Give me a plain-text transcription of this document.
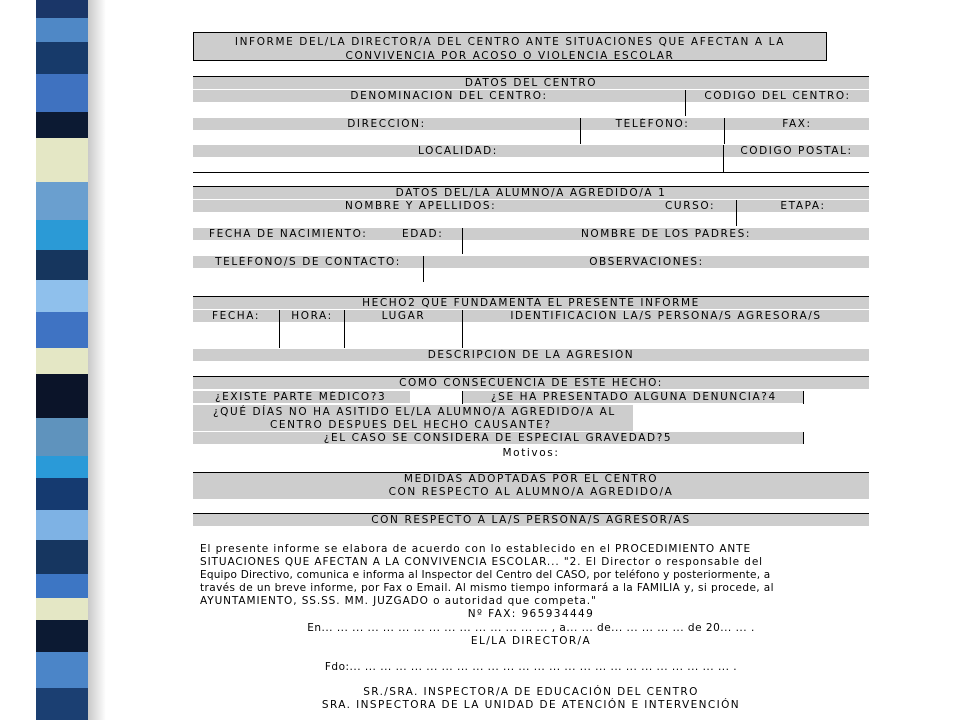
INFORME DEL/LA DIRECTOR/A DEL CENTRO ANTE SITUACIONES QUE AFECTAN A LA
CONVIVENCIA POR ACOSO O VIOLENCIA ESCOLAR
DATOS DEL CENTRO
DENOMINACIÓN DEL CENTRO:	CÓDIGO DEL CENTRO:
DIRECCIÓN:	TELÉFONO:	FAX:
LOCALIDAD:	CÓDIGO POSTAL:
DATOS DEL/LA ALUMNO/A AGREDIDO/A 1
NOMBRE Y APELLIDOS:	CURSO:	ETAPA:
FECHA DE NACIMIENTO:	EDAD:	NOMBRE DE LOS PADRES:
TELÉFONO/S DE CONTACTO:	OBSERVACIONES:
HECHO2 QUE FUNDAMENTA EL PRESENTE INFORME
FECHA:	HORA:	LUGAR	IDENTIFICACIÓN LA/S PERSONA/S AGRESORA/S
DESCRIPCIÓN DE LA AGRESIÓN
COMO CONSECUENCIA DE ESTE HECHO:
¿EXISTE PARTE MÉDICO?3	¿SE HA PRESENTADO ALGUNA DENUNCIA?4
¿QUÉ DÍAS NO HA ASITIDO EL/LA ALUMNO/A AGREDIDO/A AL
CENTRO DESPUES DEL HECHO CAUSANTE?
¿EL CASO SE CONSIDERA DE ESPECIAL GRAVEDAD?5
Motivos:
MEDIDAS ADOPTADAS POR EL CENTRO
CON RESPECTO AL ALUMNO/A AGREDIDO/A
CON RESPECTO A LA/S PERSONA/S AGRESOR/AS
El presente informe se elabora de acuerdo con lo establecido en el PROCEDIMIENTO ANTE
SITUACIONES QUE AFECTAN A LA CONVIVENCIA ESCOLAR... "2. El Director o responsable del
Equipo Directivo, comunica e informa al Inspector del Centro del CASO, por teléfono y posteriormente, a
través de un breve informe, por Fax o Email. Al mismo tiempo informará a la FAMILIA y, si procede, al
AYUNTAMIENTO, SS.SS. MM. JUZGADO o autoridad que competa."
Nº FAX: 965934449
En... ... ... ... ... ... ... ... ... ... ... ... ... ... ... , a... ... de... ... ... ... ... de 20... ... .
EL/LA DIRECTOR/A
Fdo:... ... ... ... ... ... ... ... ... ... ... ... ... ... ... ... ... ... ... ... ... ... ... ... ... .
SR./SRA. INSPECTOR/A DE EDUCACIÓN DEL CENTRO
SRA. INSPECTORA DE LA UNIDAD DE ATENCIÓN E INTERVENCIÓN
